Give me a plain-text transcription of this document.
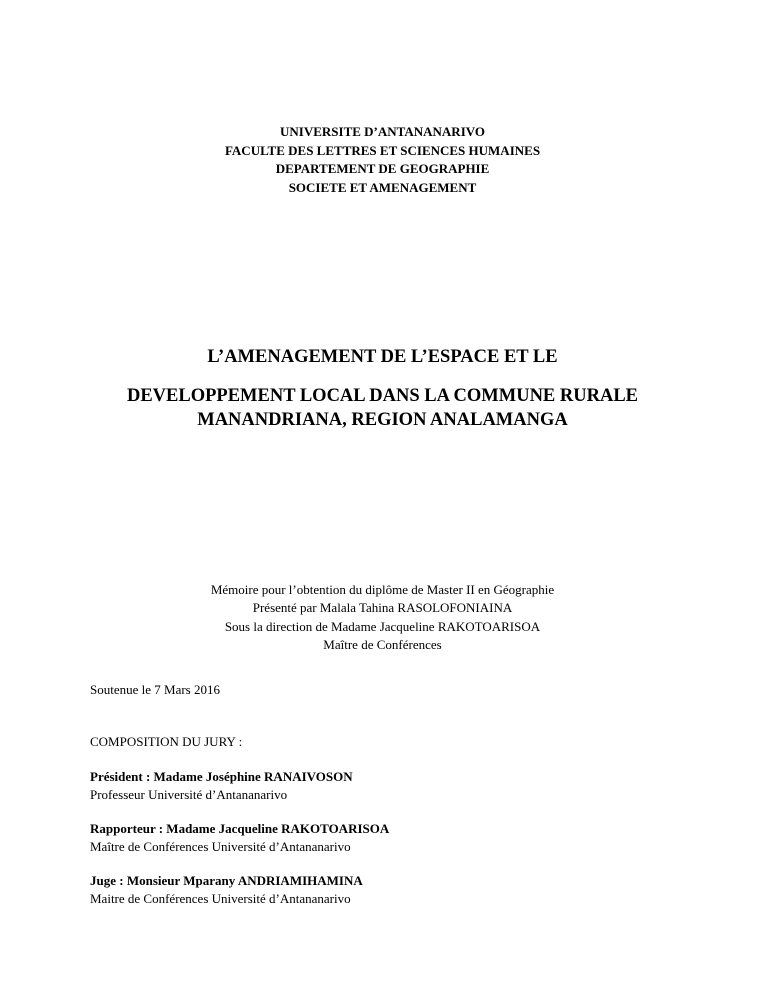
UNIVERSITE D’ANTANANARIVO
FACULTE DES LETTRES ET SCIENCES HUMAINES
DEPARTEMENT DE GEOGRAPHIE
SOCIETE ET AMENAGEMENT
L’AMENAGEMENT DE L’ESPACE ET LE
DEVELOPPEMENT LOCAL DANS LA COMMUNE RURALE
MANANDRIANA, REGION ANALAMANGA
Mémoire pour l’obtention du diplôme de Master II en Géographie
Présenté par Malala Tahina RASOLOFONIAINA
Sous la direction de Madame Jacqueline RAKOTOARISOA
Maître de Conférences
Soutenue le 7 Mars 2016
COMPOSITION DU JURY :
Président : Madame Joséphine RANAIVOSON
Professeur Université d’Antananarivo
Rapporteur : Madame Jacqueline RAKOTOARISOA
Maître de Conférences Université d’Antananarivo
Juge : Monsieur Mparany ANDRIAMIHAMINA
Maitre de Conférences Université d’Antananarivo
